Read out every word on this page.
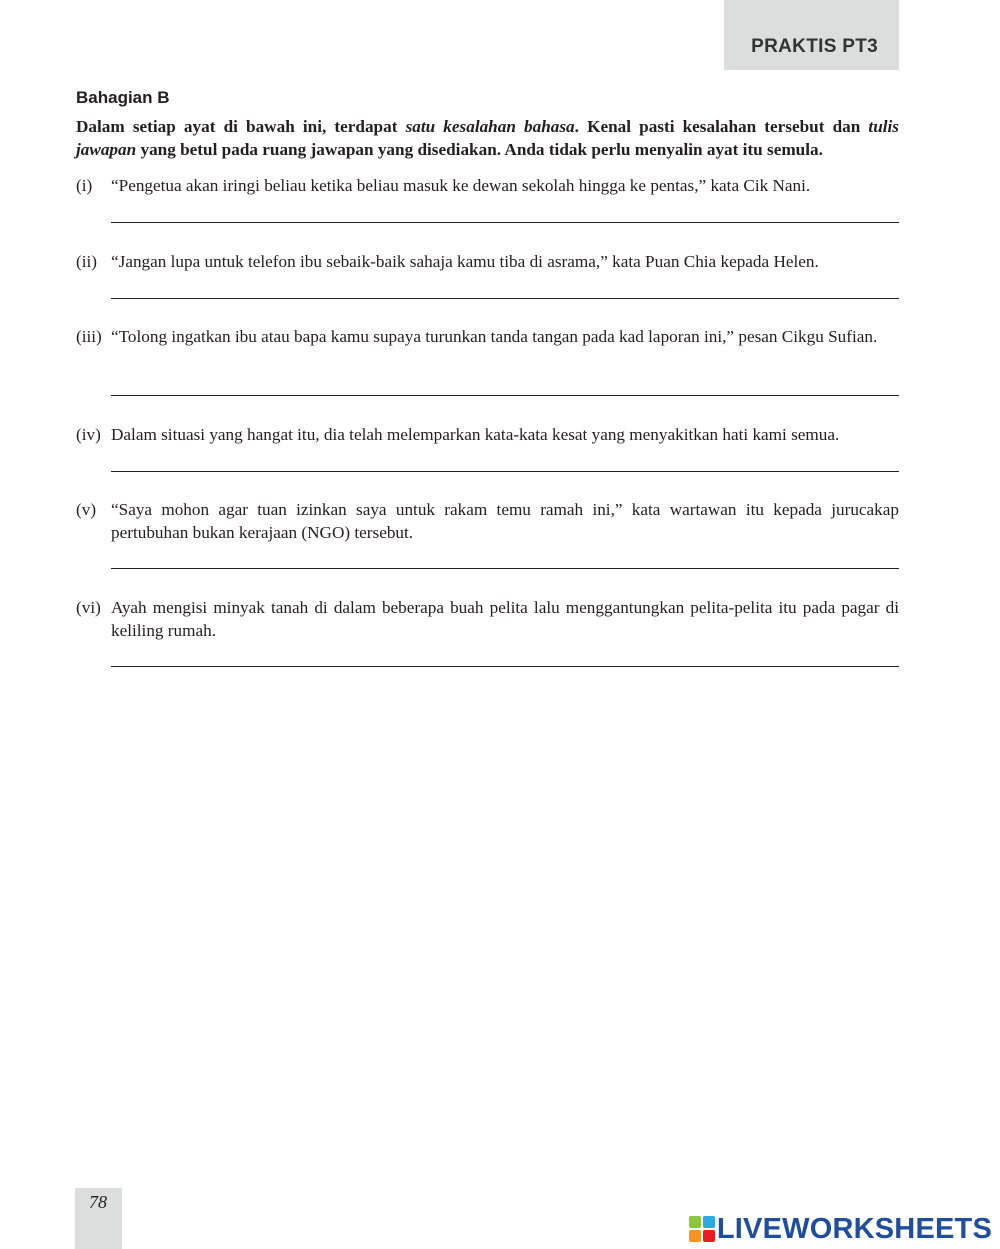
PRAKTIS PT3
Bahagian B
Dalam setiap ayat di bawah ini, terdapat satu kesalahan bahasa. Kenal pasti kesalahan tersebut dan tulis jawapan yang betul pada ruang jawapan yang disediakan. Anda tidak perlu menyalin ayat itu semula.
(i) “Pengetua akan iringi beliau ketika beliau masuk ke dewan sekolah hingga ke pentas,” kata Cik Nani.
(ii) “Jangan lupa untuk telefon ibu sebaik-baik sahaja kamu tiba di asrama,” kata Puan Chia kepada Helen.
(iii) “Tolong ingatkan ibu atau bapa kamu supaya turunkan tanda tangan pada kad laporan ini,” pesan Cikgu Sufian.
(iv) Dalam situasi yang hangat itu, dia telah melemparkan kata-kata kesat yang menyakitkan hati kami semua.
(v) “Saya mohon agar tuan izinkan saya untuk rakam temu ramah ini,” kata wartawan itu kepada jurucakap pertubuhan bukan kerajaan (NGO) tersebut.
(vi) Ayah mengisi minyak tanah di dalam beberapa buah pelita lalu menggantungkan pelita-pelita itu pada pagar di keliling rumah.
78
LIVEWORKSHEETS
